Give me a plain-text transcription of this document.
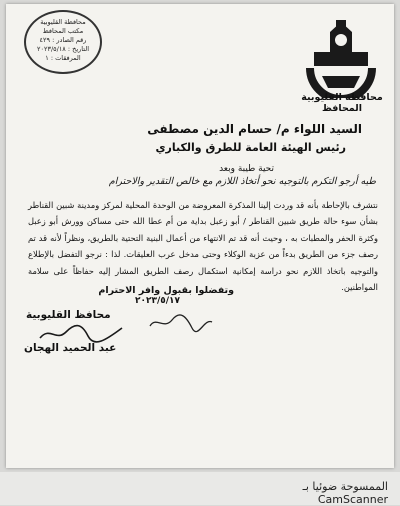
محافظة القليوبية
مكتب المحافظ
رقم الصادر : ٤٢٩
التاريخ : ٢٠٢٣/٥/١٨
المرفقات : ١
محافظة القليوبية
المحافظ
السيد اللواء م/ حسام الدين مصطفى
رئيس الهيئة العامة للطرق والكباري
تحية طيبة وبعد
طيه أرجو التكرم بالتوجيه نحو أتخاذ اللازم مع خالص التقدير والاحترام
نتشرف بالإحاطة بأنه قد وردت إلينا المذكرة المعروضة من الوحدة المحلية لمركز ومدينة شبين القناطر بشأن سوء حالة طريق شبين القناطر / أبو زعبل بداية من أم عطا الله حتى مساكن وورش أبو زعبل وكثرة الحفر والمطبات به ، وحيث أنه قد تم الانتهاء من أعمال البنية التحتية بالطريق، ونظراً لأنه قد تم رصف جزء من الطريق بدءاً من عزبة الوكلاء وحتى مدخل عرب العليقات. لذا : نرجو التفضل بالإطلاع والتوجيه باتخاذ اللازم نحو دراسة إمكانية استكمال رصف الطريق المشار إليه حفاظاً على سلامة المواطنين.
وتفضلوا بقبول وافر الاحترام
٢٠٢٣/٥/١٧
محافظ القليوبية
عبد الحميد الهجان
الممسوحة ضوئيا بـ CamScanner
